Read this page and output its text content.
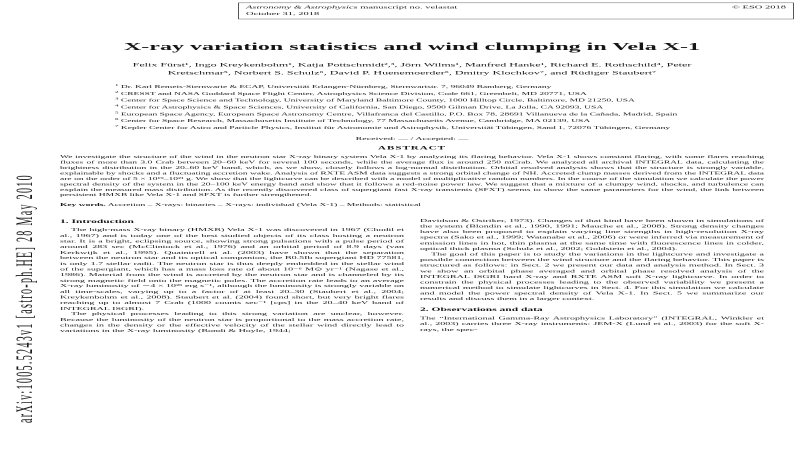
arXiv:1005.5243v1 [astro-ph.HE] 28 May 2010
Astronomy & Astrophysics manuscript no. velastat
October 31, 2018
© ESO 2018
X-ray variation statistics and wind clumping in Vela X-1
Felix Fürst¹, Ingo Kreykenbohm¹, Katja Pottschmidt²,³, Jörn Wilms¹, Manfred Hanke¹, Richard E. Rothschild⁴, Peter Kretschmar⁵, Norbert S. Schulz⁶, David P. Huenemoerder⁶, Dmitry Klochkov⁷, and Rüdiger Staubert⁷
$^1$ Dr. Karl Remeis-Sternwarte & ECAP, Universität Erlangen-Nürnberg, Sternwartstr. 7, 96049 Bamberg, Germany
$^2$ CRESST and NASA Goddard Space Flight Center, Astrophysics Science Division, Code 661, Greenbelt, MD 20771, USA
$^3$ Center for Space Science and Technology, University of Maryland Baltimore County, 1000 Hilltop Circle, Baltimore, MD 21250, USA
$^4$ Center for Astrophysics & Space Sciences, University of California, San Diego, 9500 Gilman Drive, La Jolla, CA 92093, USA
$^5$ European Space Agency, European Space Astronomy Centre, Villafranca del Castillo, P.O. Box 78, 28691 Villanueva de la Cañada, Madrid, Spain
$^6$ Center for Space Research, Massachusetts Institute of Technology, 77 Massachusetts Avenue, Cambridge, MA 02139, USA
$^7$ Kepler Center for Astro and Particle Physics, Institut für Astronomie und Astrophysik, Universität Tübingen, Sand 1, 72076 Tübingen, Germany
Received: — / Accepted: —
ABSTRACT

We investigate the structure of the wind in the neutron star X-ray binary system Vela X-1 by analyzing its flaring behavior. Vela X-1 shows constant flaring, with some flares reaching fluxes of more than 3.0 Crab between 20–60 keV for several 100 seconds, while the average flux is around 250 mCrab. We analyzed all archival INTEGRAL data, calculating the brightness distribution in the 20–60 keV band, which, as we show, closely follows a log-normal distribution. Orbital resolved analysis shows that the structure is strongly variable, explainable by shocks and a fluctuating accretion wake. Analysis of RXTE ASM data suggests a strong orbital change of NH. Accreted clump masses derived from the INTEGRAL data are on the order of 5 × 10¹⁹–10²¹ g. We show that the lightcurve can be described with a model of multiplicative random numbers. In the course of the simulation we calculate the power spectral density of the system in the 20–100 keV energy band and show that it follows a red-noise power law. We suggest that a mixture of a clumpy wind, shocks, and turbulence can explain the measured mass distribution. As the recently discovered class of supergiant fast X-ray transients (SFXT) seems to show the same parameters for the wind, the link between persistent HMXB like Vela X-1 and SFXT is further strengthened.

Key words. Accretion – X-rays: binaries – X-rays: individual (Vela X-1) – Methods: statistical

1. Introduction

The high-mass X-ray binary (HMXB) Vela X-1 was discovered in 1967 (Chodil et al., 1967) and is today one of the best studied objects of its class hosting a neutron star. It is a bright, eclipsing source, showing strong pulsations with a pulse period of around 283 sec (McClintock et al., 1976) and an orbital period of 8.9 days (van Kerkwijk et al., 1995). Quaintrell et al. (2003) have shown that the separation between the neutron star and its optical companion, the B0.5Ib supergiant HD 77581, is only 1.7 stellar radii. The neutron star is thus deeply embedded in the stellar wind of the supergiant, which has a mass loss rate of about 10⁻⁶ M⊙ yr⁻¹ (Nagase et al., 1986). Material from the wind is accreted by the neutron star and is channeled by its strong magnetic field onto the magnetic poles. The accretion rate leads to an average X-ray luminosity of ∼4 × 10³⁶ erg s⁻¹, although the luminosity is strongly variable on all time-scales, varying up to a factor of at least 20–30 (Staubert et al., 2004; Kreykenbohm et al., 2008). Staubert et al. (2004) found short, but very bright flares reaching up to almost 7 Crab (1000 counts sec⁻¹ [cps] in the 20–40 keV band of INTEGRAL ISGRI).

The physical processes leading to this strong variation are unclear, however. Because the luminosity of the neutron star is proportional to the mass accretion rate, changes in the density or the effective velocity of the stellar wind directly lead to variations in the X-ray luminosity (Bondi & Hoyle, 1944;

Davidson & Ostriker, 1973). Changes of that kind have been shown in simulations of the system (Blondin et al., 1990, 1991; Mauche et al., 2008). Strong density changes have also been proposed to explain varying line strengths in high-resolution X-ray spectra (Sako et al., 1999; Watanabe et al., 2006) or were inferred via measurement of emission lines in hot, thin plasma at the same time with fluorescence lines in colder, optical thick plasma (Schulz et al., 2002; Goldstein et al., 2004).

The goal of this paper is to study the variations in the lightcurve and investigate a possible connection between the wind structure and the flaring behavior. This paper is structured as follows: in Sect. 2 we present our data and analysis method. In Sect. 3 we show an orbital phase averaged and orbital phase resolved analysis of the INTEGRAL ISGRI hard X-ray and RXTE ASM soft X-ray lightcurve. In order to constrain the physical processes leading to the observed variability we present a numerical method to simulate lightcurves in Sect. 4. For this simulation we calculate and model the power spectral density of Vela X-1. In Sect. 5 we summarize our results and discuss them in a larger context.

2. Observations and data

The “International Gamma-Ray Astrophysics Laboratory” (INTEGRAL, Winkler et al., 2003) carries three X-ray instruments: JEM-X (Lund et al., 2003) for the soft X-rays, the spec-
